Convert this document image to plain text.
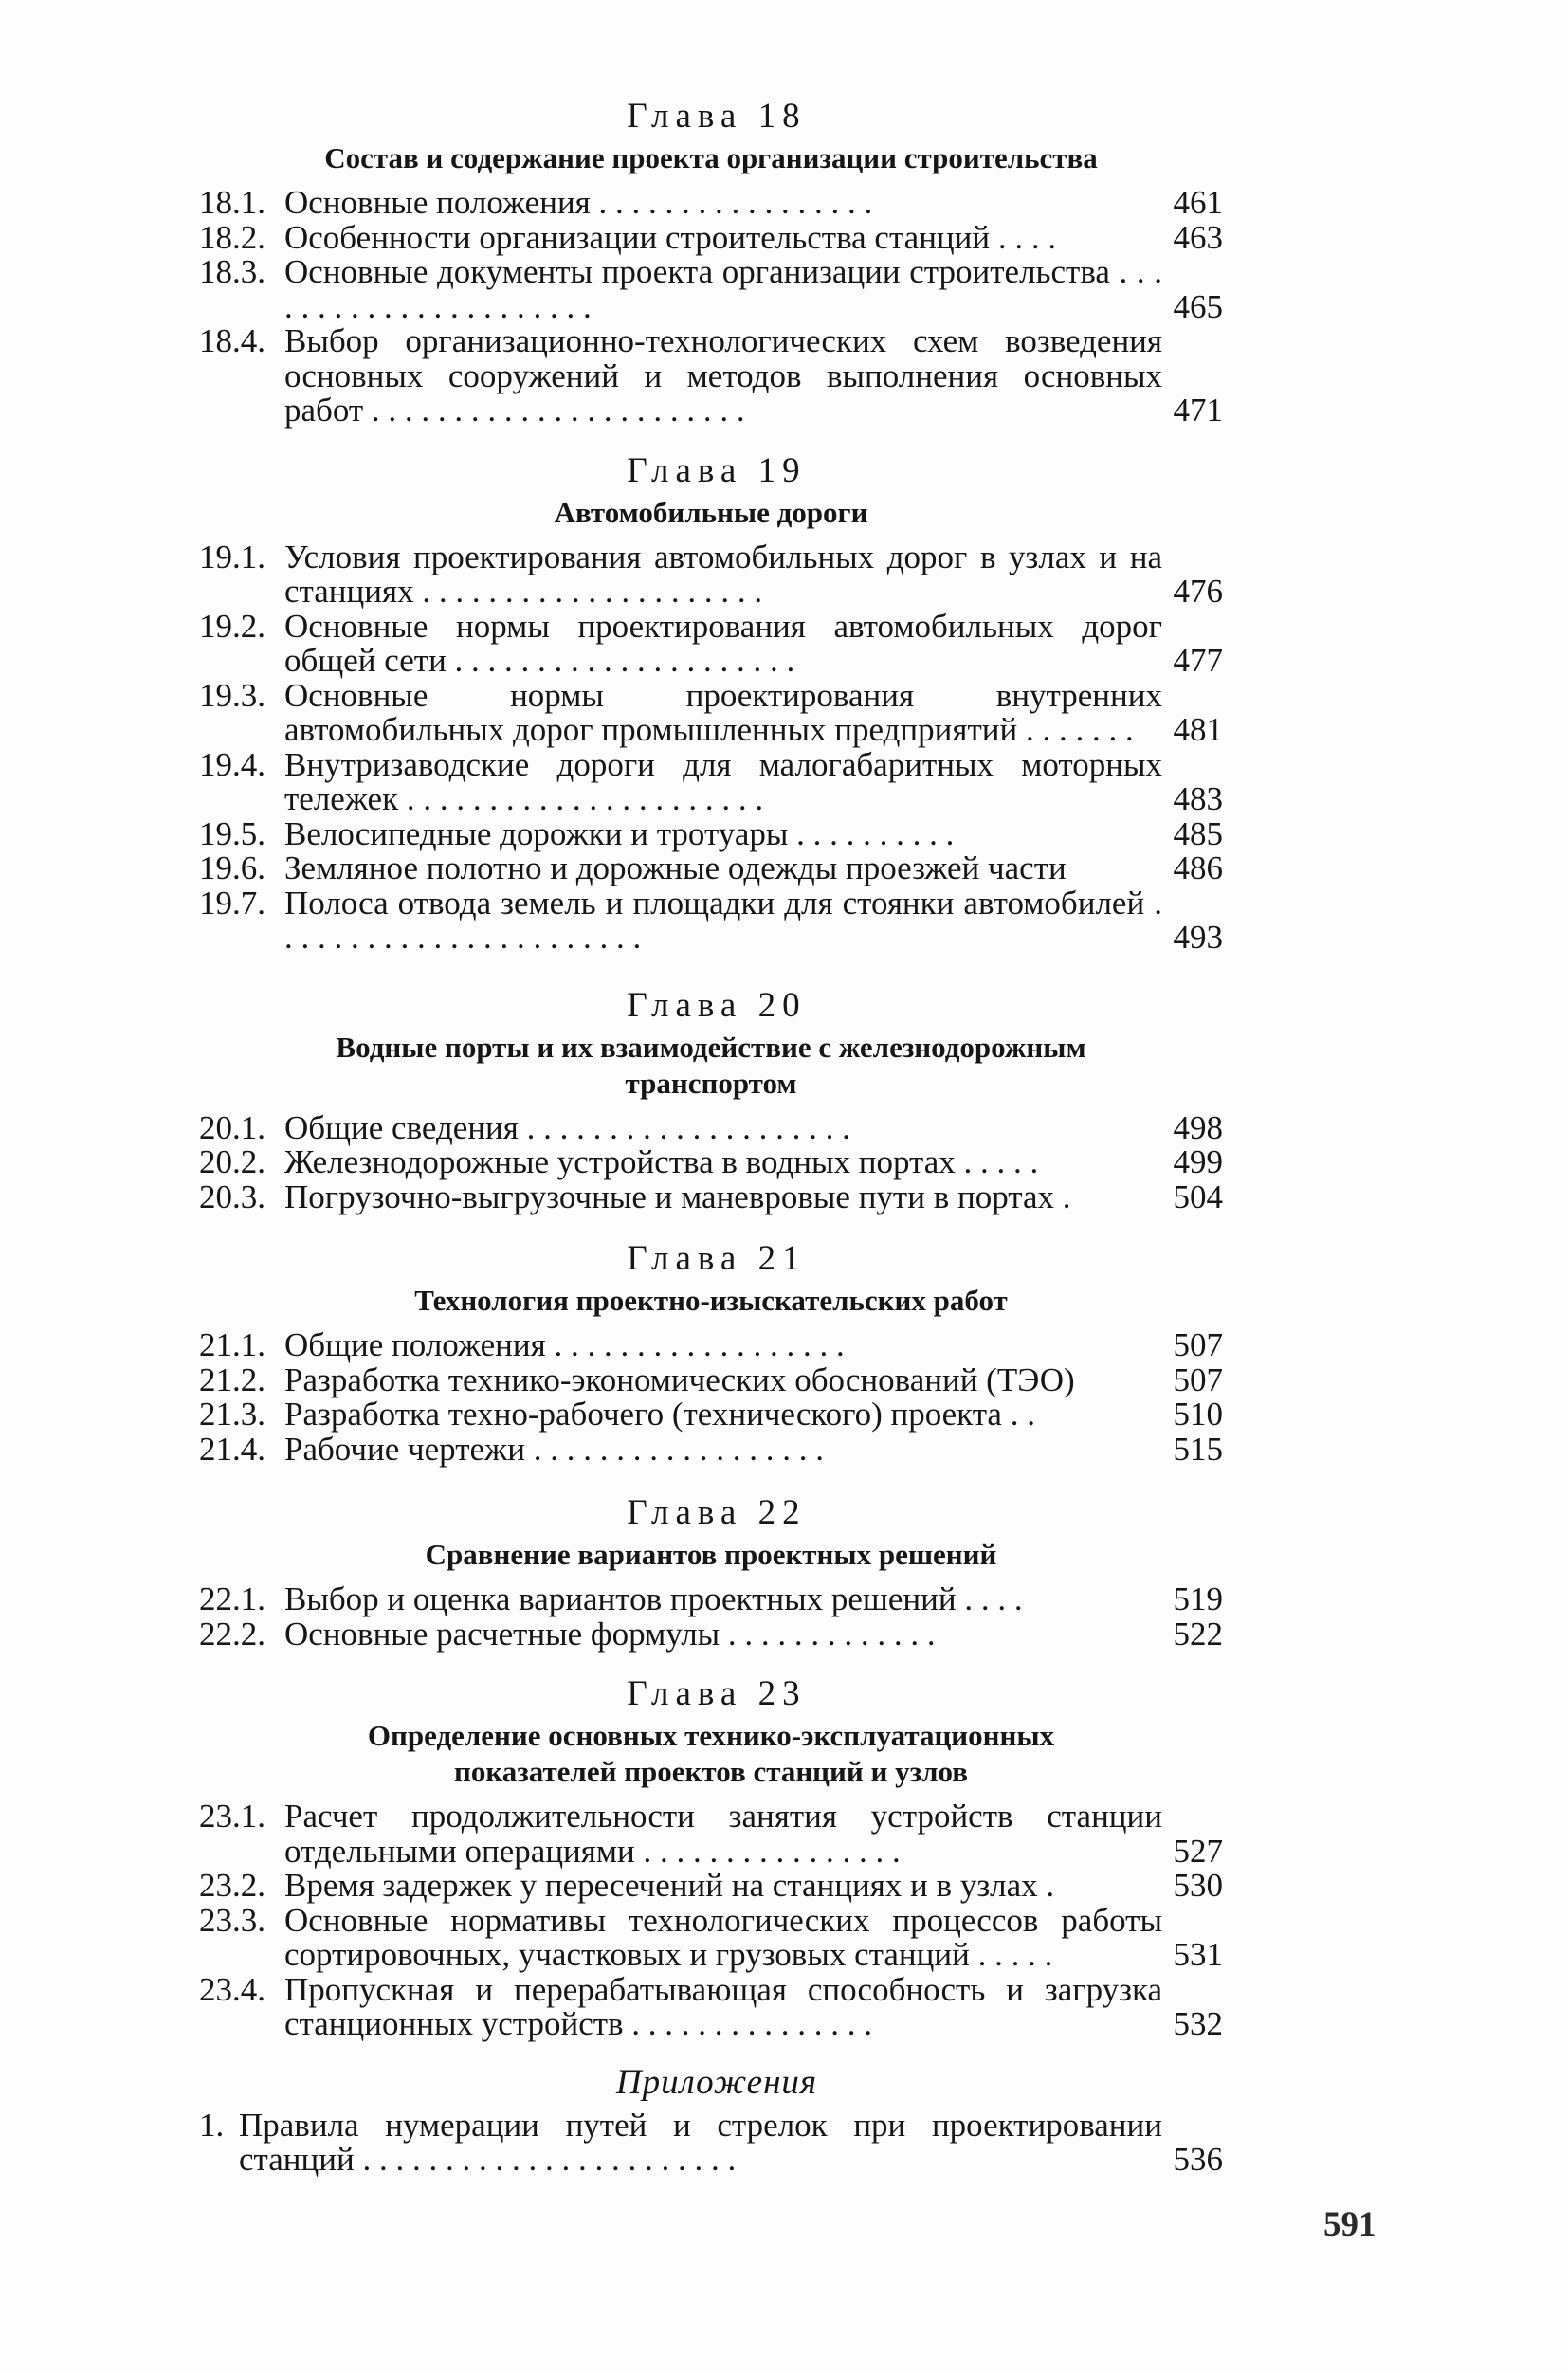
Глава 18
Состав и содержание проекта организации строительства
18.1. Основные положения . . . . . . . . . . . . . . . . .	461
18.2. Особенности организации строительства станций . . . .	463
18.3. Основные документы проекта организации строительства . . . . . . . . . . . . . . . . . . . . . .	465
18.4. Выбор организационно-технологических схем возведения основных сооружений и методов выполнения основных работ . . . . . . . . . . . . . . . . . . . . . . .	471
Глава 19
Автомобильные дороги
19.1. Условия проектирования автомобильных дорог в узлах и на станциях . . . . . . . . . . . . . . . . . . . . .	476
19.2. Основные нормы проектирования автомобильных дорог общей сети . . . . . . . . . . . . . . . . . . . . .	477
19.3. Основные нормы проектирования внутренних автомобильных дорог промышленных предприятий . . . . . . .	481
19.4. Внутризаводские дороги для малогабаритных моторных тележек . . . . . . . . . . . . . . . . . . . . . .	483
19.5. Велосипедные дорожки и тротуары . . . . . . . . . .	485
19.6. Земляное полотно и дорожные одежды проезжей части	486
19.7. Полоса отвода земель и площадки для стоянки автомобилей . . . . . . . . . . . . . . . . . . . . . . .	493
Глава 20
Водные порты и их взаимодействие с железнодорожным транспортом
20.1. Общие сведения . . . . . . . . . . . . . . . . . . . .	498
20.2. Железнодорожные устройства в водных портах . . . . .	499
20.3. Погрузочно-выгрузочные и маневровые пути в портах .	504
Глава 21
Технология проектно-изыскательских работ
21.1. Общие положения . . . . . . . . . . . . . . . . . .	507
21.2. Разработка технико-экономических обоснований (ТЭО)	507
21.3. Разработка техно-рабочего (технического) проекта . .	510
21.4. Рабочие чертежи . . . . . . . . . . . . . . . . . .	515
Глава 22
Сравнение вариантов проектных решений
22.1. Выбор и оценка вариантов проектных решений . . . .	519
22.2. Основные расчетные формулы . . . . . . . . . . . . .	522
Глава 23
Определение основных технико-эксплуатационных показателей проектов станций и узлов
23.1. Расчет продолжительности занятия устройств станции отдельными операциями . . . . . . . . . . . . . . . .	527
23.2. Время задержек у пересечений на станциях и в узлах .	530
23.3. Основные нормативы технологических процессов работы сортировочных, участковых и грузовых станций . . . . .	531
23.4. Пропускная и перерабатывающая способность и загрузка станционных устройств . . . . . . . . . . . . . . .	532
Приложения
1. Правила нумерации путей и стрелок при проектировании станций . . . . . . . . . . . . . . . . . . . . . . .	536
591
